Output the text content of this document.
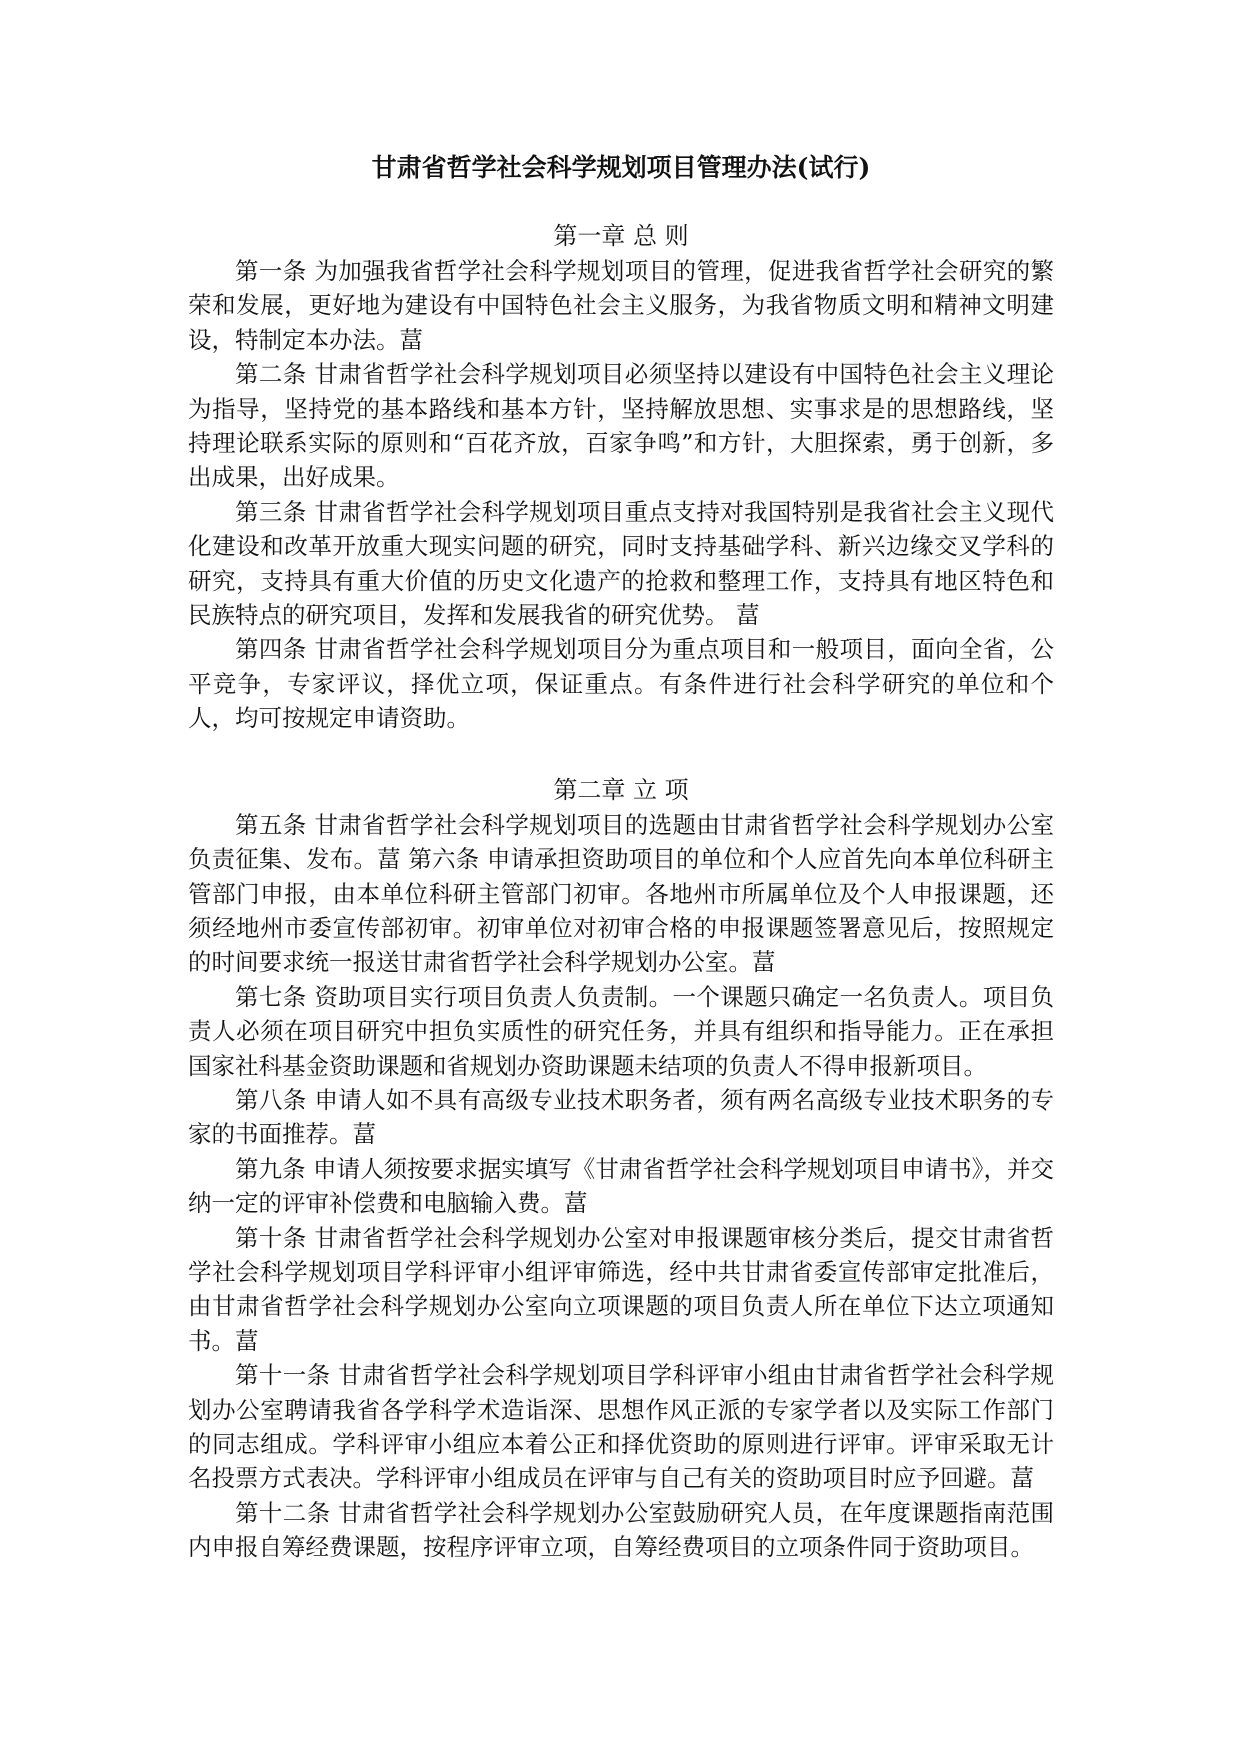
甘肃省哲学社会科学规划项目管理办法(试行)
第一章 总 则

第一条 为加强我省哲学社会科学规划项目的管理，促进我省哲学社会研究的繁荣和发展，更好地为建设有中国特色社会主义服务，为我省物质文明和精神文明建设，特制定本办法。葍

第二条 甘肃省哲学社会科学规划项目必须坚持以建设有中国特色社会主义理论为指导，坚持党的基本路线和基本方针，坚持解放思想、实事求是的思想路线，坚持理论联系实际的原则和“百花齐放，百家争鸣”和方针，大胆探索，勇于创新，多出成果，出好成果。

第三条 甘肃省哲学社会科学规划项目重点支持对我国特别是我省社会主义现代化建设和改革开放重大现实问题的研究，同时支持基础学科、新兴边缘交叉学科的研究，支持具有重大价值的历史文化遗产的抢救和整理工作，支持具有地区特色和民族特点的研究项目，发挥和发展我省的研究优势。 葍

第四条 甘肃省哲学社会科学规划项目分为重点项目和一般项目，面向全省，公平竞争，专家评议，择优立项，保证重点。有条件进行社会科学研究的单位和个人，均可按规定申请资助。

第二章 立 项

第五条 甘肃省哲学社会科学规划项目的选题由甘肃省哲学社会科学规划办公室负责征集、发布。葍 第六条 申请承担资助项目的单位和个人应首先向本单位科研主管部门申报，由本单位科研主管部门初审。各地州市所属单位及个人申报课题，还须经地州市委宣传部初审。初审单位对初审合格的申报课题签署意见后，按照规定的时间要求统一报送甘肃省哲学社会科学规划办公室。葍

第七条 资助项目实行项目负责人负责制。一个课题只确定一名负责人。项目负责人必须在项目研究中担负实质性的研究任务，并具有组织和指导能力。正在承担国家社科基金资助课题和省规划办资助课题未结项的负责人不得申报新项目。

第八条 申请人如不具有高级专业技术职务者，须有两名高级专业技术职务的专家的书面推荐。葍

第九条 申请人须按要求据实填写《甘肃省哲学社会科学规划项目申请书》，并交纳一定的评审补偿费和电脑输入费。葍

第十条 甘肃省哲学社会科学规划办公室对申报课题审核分类后，提交甘肃省哲学社会科学规划项目学科评审小组评审筛选，经中共甘肃省委宣传部审定批准后，由甘肃省哲学社会科学规划办公室向立项课题的项目负责人所在单位下达立项通知书。葍

第十一条 甘肃省哲学社会科学规划项目学科评审小组由甘肃省哲学社会科学规划办公室聘请我省各学科学术造诣深、思想作风正派的专家学者以及实际工作部门的同志组成。学科评审小组应本着公正和择优资助的原则进行评审。评审采取无计名投票方式表决。学科评审小组成员在评审与自己有关的资助项目时应予回避。葍

第十二条 甘肃省哲学社会科学规划办公室鼓励研究人员，在年度课题指南范围内申报自筹经费课题，按程序评审立项，自筹经费项目的立项条件同于资助项目。
